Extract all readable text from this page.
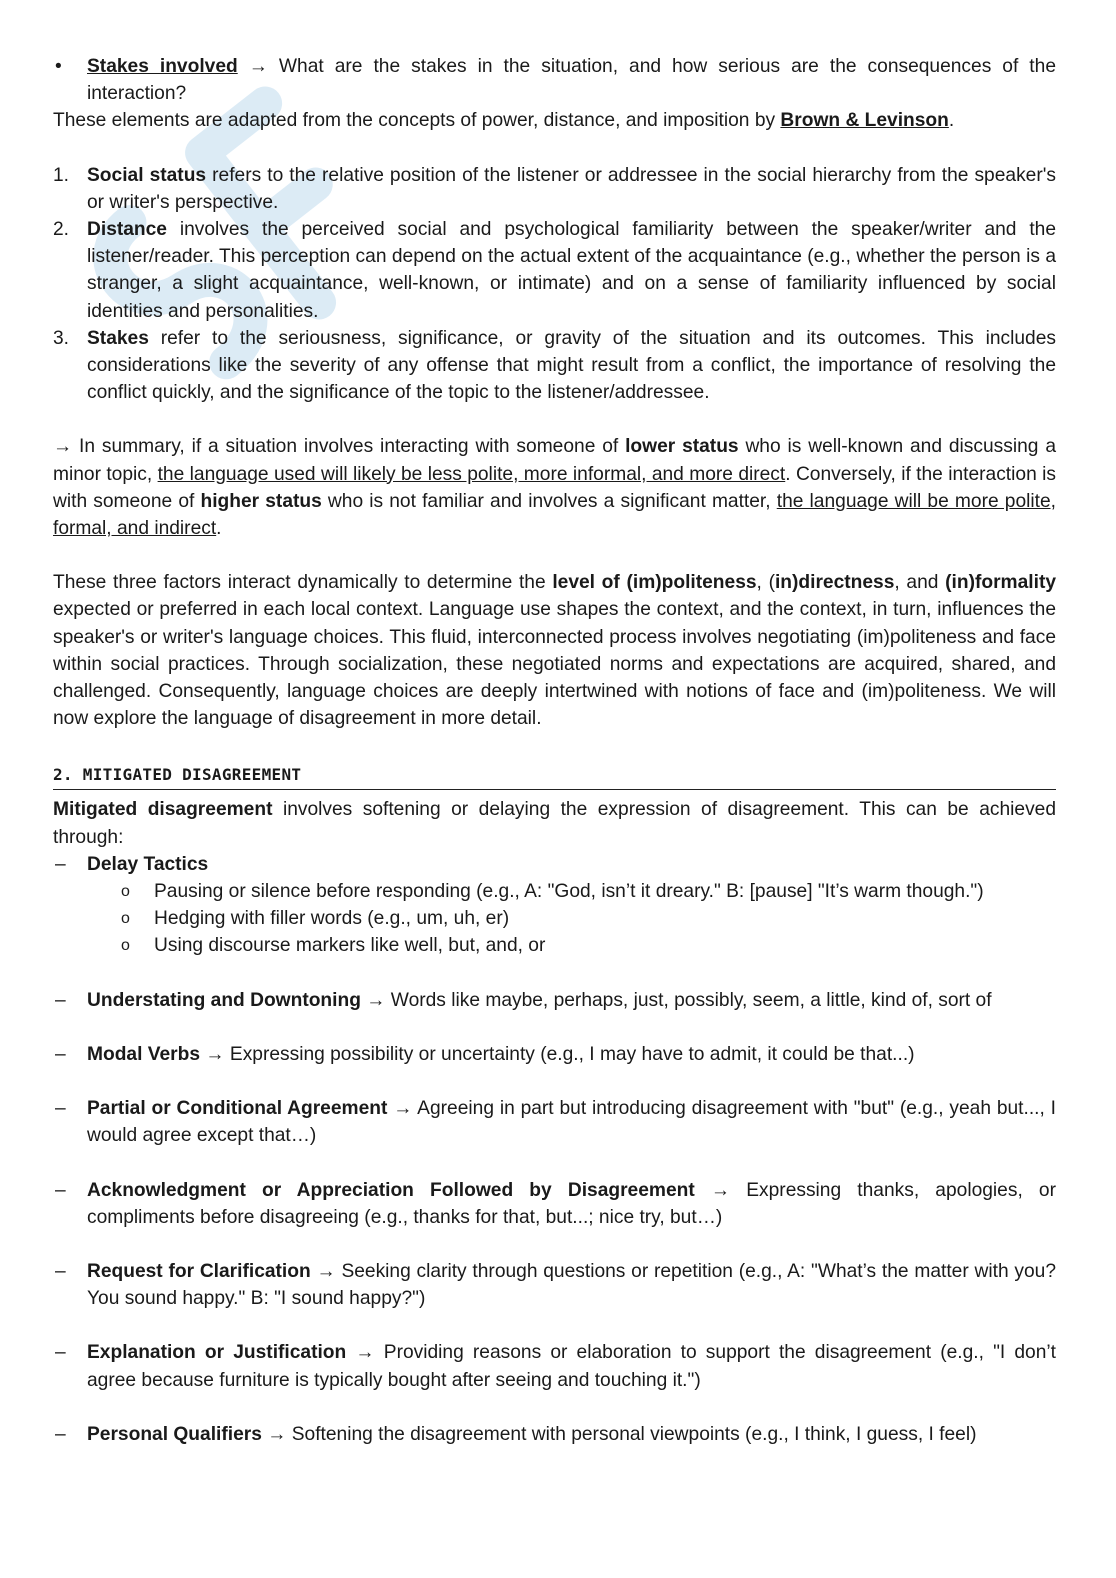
• Stakes involved → What are the stakes in the situation, and how serious are the consequences of the interaction?

These elements are adapted from the concepts of power, distance, and imposition by Brown & Levinson.

1. Social status refers to the relative position of the listener or addressee in the social hierarchy from the speaker's or writer's perspective.
2. Distance involves the perceived social and psychological familiarity between the speaker/writer and the listener/reader. This perception can depend on the actual extent of the acquaintance (e.g., whether the person is a stranger, a slight acquaintance, well-known, or intimate) and on a sense of familiarity influenced by social identities and personalities.
3. Stakes refer to the seriousness, significance, or gravity of the situation and its outcomes. This includes considerations like the severity of any offense that might result from a conflict, the importance of resolving the conflict quickly, and the significance of the topic to the listener/addressee.

→ In summary, if a situation involves interacting with someone of lower status who is well-known and discussing a minor topic, the language used will likely be less polite, more informal, and more direct. Conversely, if the interaction is with someone of higher status who is not familiar and involves a significant matter, the language will be more polite, formal, and indirect.

These three factors interact dynamically to determine the level of (im)politeness, (in)directness, and (in)formality expected or preferred in each local context. Language use shapes the context, and the context, in turn, influences the speaker's or writer's language choices. This fluid, interconnected process involves negotiating (im)politeness and face within social practices. Through socialization, these negotiated norms and expectations are acquired, shared, and challenged. Consequently, language choices are deeply intertwined with notions of face and (im)politeness. We will now explore the language of disagreement in more detail.

2. MITIGATED DISAGREEMENT

Mitigated disagreement involves softening or delaying the expression of disagreement. This can be achieved through:

– Delay Tactics
o Pausing or silence before responding (e.g., A: "God, isn’t it dreary." B: [pause] "It’s warm though.")
o Hedging with filler words (e.g., um, uh, er)
o Using discourse markers like well, but, and, or
– Understating and Downtoning → Words like maybe, perhaps, just, possibly, seem, a little, kind of, sort of
– Modal Verbs → Expressing possibility or uncertainty (e.g., I may have to admit, it could be that...)
– Partial or Conditional Agreement → Agreeing in part but introducing disagreement with "but" (e.g., yeah but..., I would agree except that…)
– Acknowledgment or Appreciation Followed by Disagreement → Expressing thanks, apologies, or compliments before disagreeing (e.g., thanks for that, but...; nice try, but…)
– Request for Clarification → Seeking clarity through questions or repetition (e.g., A: "What’s the matter with you? You sound happy." B: "I sound happy?")
– Explanation or Justification → Providing reasons or elaboration to support the disagreement (e.g., "I don’t agree because furniture is typically bought after seeing and touching it.")
– Personal Qualifiers → Softening the disagreement with personal viewpoints (e.g., I think, I guess, I feel)
